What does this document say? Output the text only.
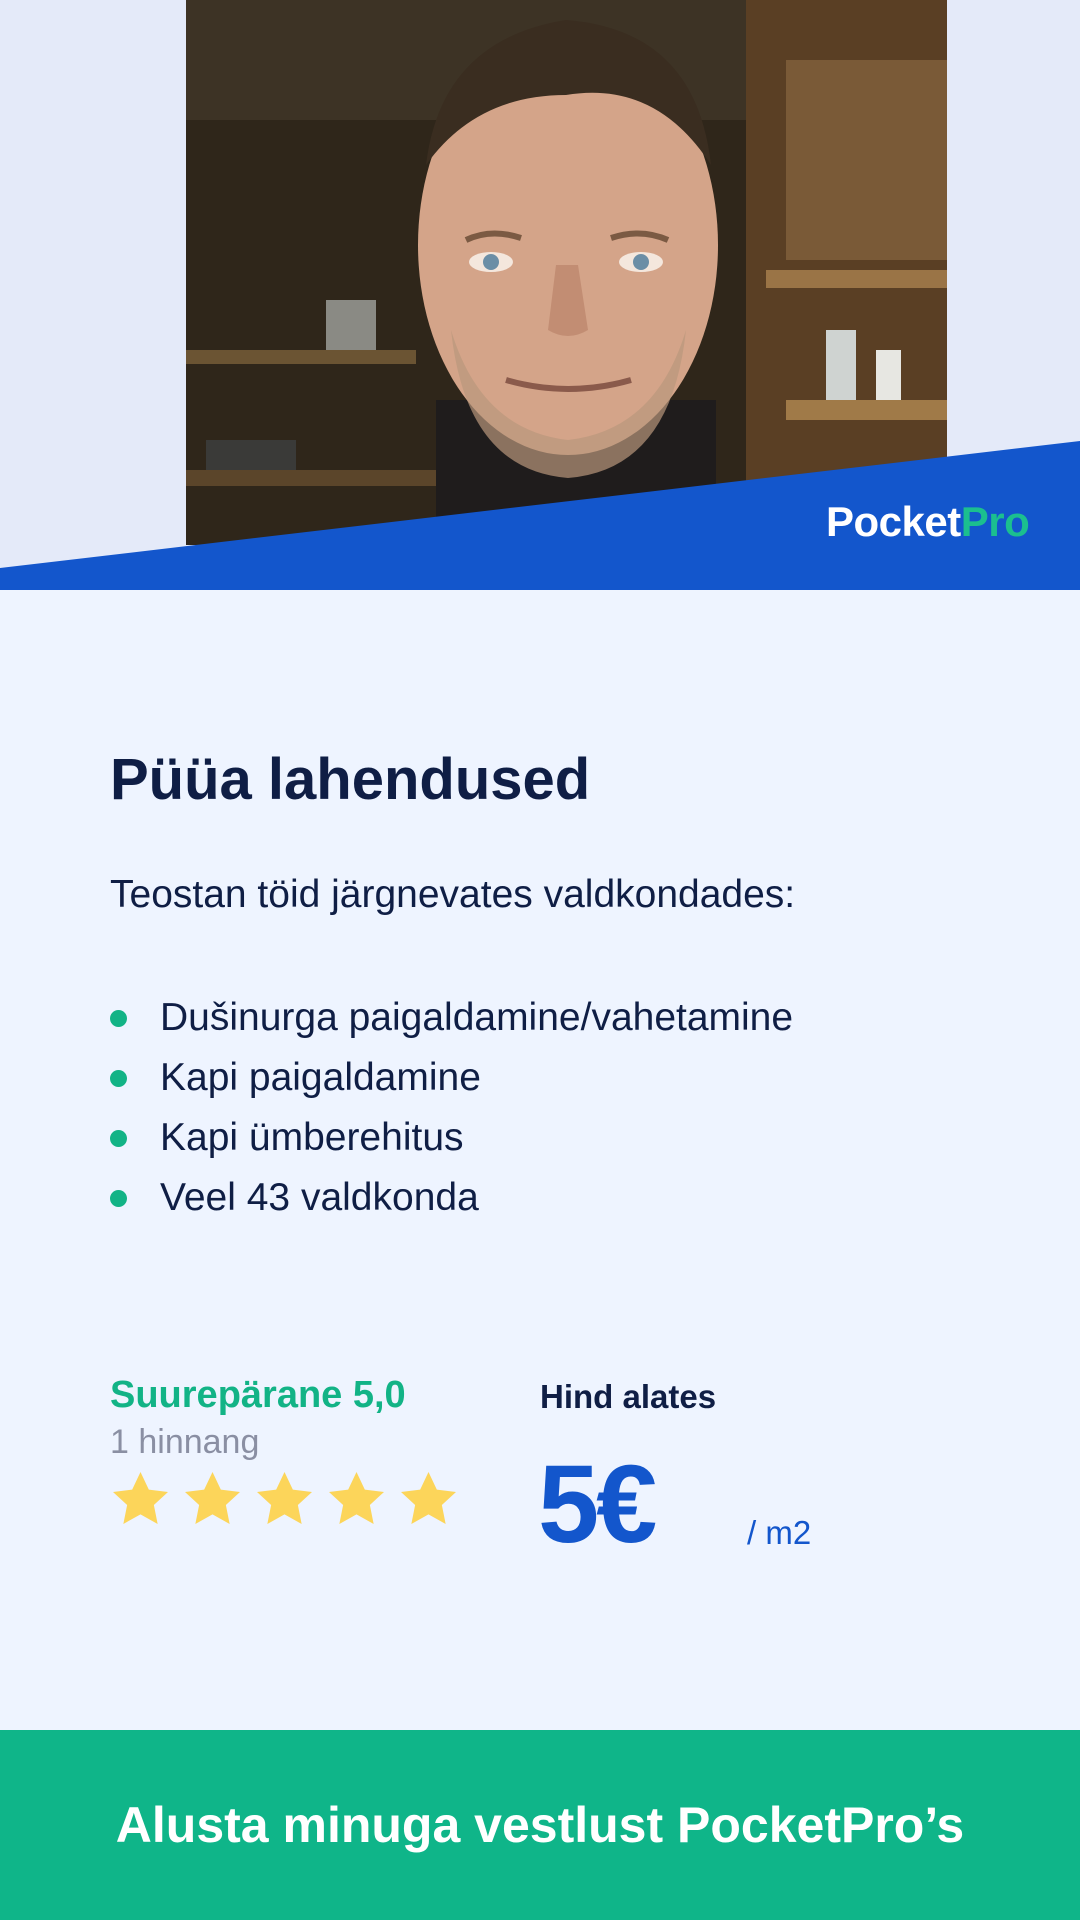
PocketPro
Püüa lahendused
Teostan töid järgnevates valdkondades:
Dušinurga paigaldamine/vahetamine
Kapi paigaldamine
Kapi ümberehitus
Veel 43 valdkonda
Suurepärane 5,0
1 hinnang
Hind alates
5€	/ m2
Alusta minuga vestlust PocketPro’s
